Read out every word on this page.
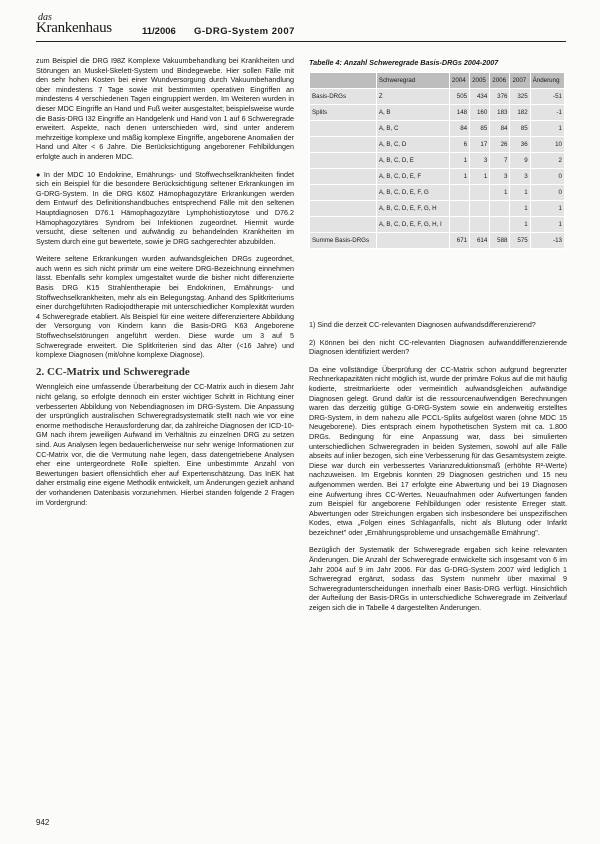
das
Krankenhaus	11/2006 G-DRG-System 2007

zum Beispiel die DRG I98Z Komplexe Vakuumbehandlung bei Krankheiten und Störungen an Muskel-Skelett-System und Bindegewebe. Hier sollen Fälle mit den sehr hohen Kosten bei einer Wundversorgung durch Vakuumbehandlung über mindestens 7 Tage sowie mit bestimmten operativen Eingriffen an mindestens 4 verschiedenen Tagen eingruppiert werden. Im Weiteren wurden in dieser MDC Eingriffe an Hand und Fuß weiter ausgestaltet; beispielsweise wurde die Basis-DRG I32 Eingriffe an Handgelenk und Hand von 1 auf 6 Schweregrade erweitert. Aspekte, nach denen unterschieden wird, sind unter anderem mehrzeitige komplexe und mäßig komplexe Eingriffe, angeborene Anomalien der Hand und Alter < 6 Jahre. Die Berücksichtigung angeborener Fehlbildungen erfolgte auch in anderen MDC.

● In der MDC 10 Endokrine, Ernährungs- und Stoffwechselkrankheiten findet sich ein Beispiel für die besondere Berücksichtigung seltener Erkrankungen im G-DRG-System. In die DRG K60Z Hämophagozytäre Erkrankungen werden dem Entwurf des Definitionshandbuches entsprechend Fälle mit den seltenen Hauptdiagnosen D76.1 Hämophagozytäre Lymphohistiozytose und D76.2 Hämophagozytäres Syndrom bei Infektionen zugeordnet. Hiermit wurde versucht, diese seltenen und aufwändig zu behandelnden Krankheiten im System durch eine gut bewertete, sowie je DRG sachgerechter abzubilden.

Weitere seltene Erkrankungen wurden aufwandsgleichen DRGs zugeordnet, auch wenn es sich nicht primär um eine weitere DRG-Bezeichnung einnehmen lässt. Ebenfalls sehr komplex umgestaltet wurde die bisher nicht differenzierte Basis DRG K15 Strahlentherapie bei Endokrinen, Ernährungs- und Stoffwechselkrankheiten, mehr als ein Belegungstag. Anhand des Splitkriteriums einer durchgeführten Radiojodtherapie mit unterschiedlicher Komplexität wurden 4 Schweregrade etabliert. Als Beispiel für eine weitere differenziertere Abbildung der Versorgung von Kindern kann die Basis-DRG K63 Angeborene Stoffwechselstörungen angeführt werden. Diese wurde um 3 auf 5 Schweregrade erweitert. Die Splitkriterien sind das Alter (<16 Jahre) und komplexe Diagnosen (mit/ohne komplexe Diagnose).

2. CC-Matrix und Schweregrade

Wenngleich eine umfassende Überarbeitung der CC-Matrix auch in diesem Jahr nicht gelang, so erfolgte dennoch ein erster wichtiger Schritt in Richtung einer verbesserten Abbildung von Nebendiagnosen im DRG-System. Die Anpassung der ursprünglich australischen Schweregradsystematik stellt nach wie vor eine enorme methodische Herausforderung dar, da zahlreiche Diagnosen der ICD-10-GM nach ihrem jeweiligen Aufwand im Verhältnis zu einzelnen DRG zu setzen sind. Aus Analysen legen bedauerlicherweise nur sehr wenige Informationen zur CC-Matrix vor, die die Vermutung nahe legen, dass datengetriebene Analysen eher eine untergeordnete Rolle spielten. Eine unbestimmte Anzahl von Bewertungen basiert offensichtlich eher auf Expertenschätzung. Das InEK hat daher erstmalig eine eigene Methodik entwickelt, um Änderungen gezielt anhand der vorhandenen Datenbasis vorzunehmen. Hierbei standen folgende 2 Fragen im Vordergrund:

Tabelle 4: Anzahl Schweregrade Basis-DRGs 2004-2007
	Schweregrad	2004	2005	2006	2007	Änderung
Basis-DRGs	Z	505	434	376	325	-51
Splits	A, B	148	160	183	182	-1
	A, B, C	84	85	84	85	1
	A, B, C, D	6	17	26	36	10
	A, B, C, D, E	1	3	7	9	2
	A, B, C, D, E, F	1	1	3	3	0
	A, B, C, D, E, F, G			1	1	0
	A, B, C, D, E, F, G, H				1	1
	A, B, C, D, E, F, G, H, I				1	1
Summe Basis-DRGs		671	614	588	575	-13

1) Sind die derzeit CC-relevanten Diagnosen aufwandsdifferenzierend?

2) Können bei den nicht CC-relevanten Diagnosen aufwanddifferenzierende Diagnosen identifiziert werden?

Da eine vollständige Überprüfung der CC-Matrix schon aufgrund begrenzter Rechnerkapazitäten nicht möglich ist, wurde der primäre Fokus auf die mit häufig kodierte, streitmarkierte oder vermeintlich aufwandsgleichen aufwändige Diagnosen gelegt. Grund dafür ist die ressourcenaufwendigen Berechnungen waren das derzeitig gültige G-DRG-System sowie ein anderweitig erstelltes DRG-System, in dem nahezu alle PCCL-Splits aufgelöst waren (ohne MDC 15 Neugeborene). Dies entsprach einem hypothetischen System mit ca. 1.800 DRGs. Bedingung für eine Anpassung war, dass bei simulierten unterschiedlichen Schweregraden in beiden Systemen, sowohl auf alle Fälle abseits auf inlier bezogen, sich eine Verbesserung für das Gesamtsystem zeigte. Diese war durch ein verbessertes Varianzreduktionsmaß (erhöhte R²-Werte) nachzuweisen. Im Ergebnis konnten 29 Diagnosen gestrichen und 15 neu aufgenommen werden. Bei 17 erfolgte eine Abwertung und bei 19 Diagnosen eine Aufwertung ihres CC-Wertes. Neuaufnahmen oder Aufwertungen fanden zum Beispiel für angeborene Fehlbildungen oder resistente Erreger statt. Abwertungen oder Streichungen ergaben sich insbesondere bei unspezifischen Kodes, etwa „Folgen eines Schlaganfalls, nicht als Blutung oder Infarkt bezeichnet" oder „Ernährungsprobleme und unsachgemäße Ernährung".

Bezüglich der Systematik der Schweregrade ergaben sich keine relevanten Änderungen. Die Anzahl der Schweregrade entwickelte sich insgesamt von 6 im Jahr 2004 auf 9 im Jahr 2006. Für das G-DRG-System 2007 wird lediglich 1 Schweregrad ergänzt, sodass das System nunmehr über maximal 9 Schweregradunterscheidungen innerhalb einer Basis-DRG verfügt. Hinsichtlich der Aufteilung der Basis-DRGs in unterschiedliche Schweregrade im Zeitverlauf zeigen sich die in Tabelle 4 dargestellten Änderungen.

942
